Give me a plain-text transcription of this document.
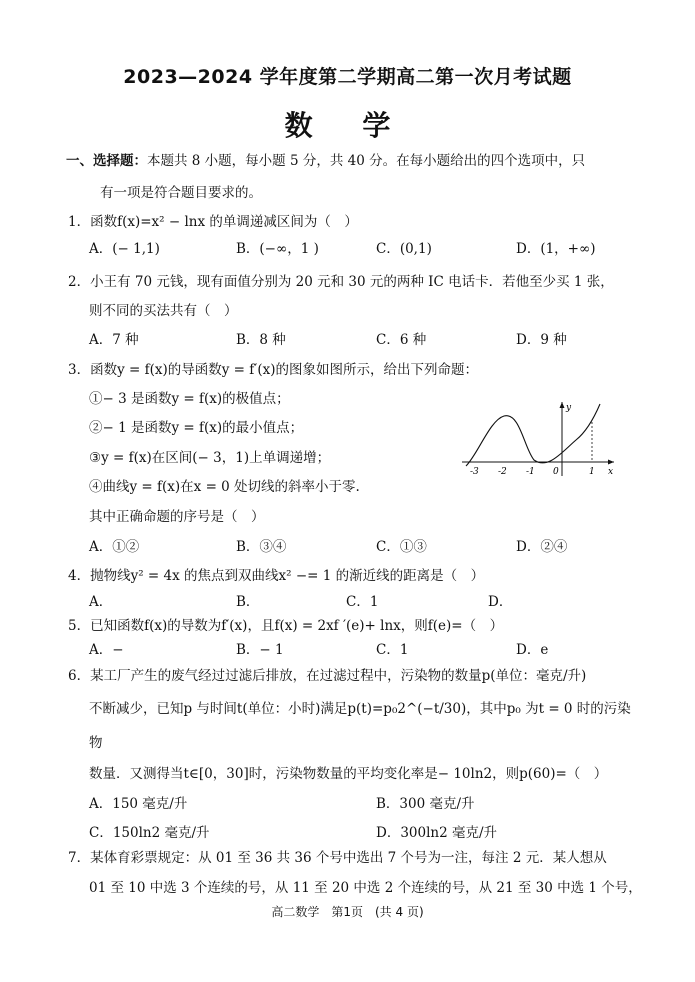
2023—2024 学年度第二学期高二第一次月考试题
数 学
一、选择题：本题共 8 小题，每小题 5 分，共 40 分。在每小题给出的四个选项中，只
有一项是符合题目要求的。
1．函数f(x)=x² − lnx 的单调递减区间为（　）
A．(− 1,1)	B．(−∞，1 )	C．(0,1)	D．(1，+∞)
2．小王有 70 元钱，现有面值分别为 20 元和 30 元的两种 IC 电话卡．若他至少买 1 张，
则不同的买法共有（　）
A．7 种	B．8 种	C．6 种	D．9 种
3．函数y = f(x)的导函数y = f′(x)的图象如图所示，给出下列命题：
①− 3 是函数y = f(x)的极值点；
②− 1 是函数y = f(x)的最小值点；
③y = f(x)在区间(− 3，1)上单调递增；
④曲线y = f(x)在x = 0 处切线的斜率小于零.
其中正确命题的序号是（　）
A．①②	B．③④	C．①③	D．②④
-3 -2 -1 0	1 x
y
4．抛物线y² = 4x 的焦点到双曲线x² −= 1 的渐近线的距离是（　）
A．	B．	C．1	D．
5．已知函数f(x)的导数为f′(x)，且f(x) = 2xf ′(e)+ lnx，则f(e)=（　）
A．−	B．− 1	C．1	D．e
6．某工厂产生的废气经过过滤后排放，在过滤过程中，污染物的数量p(单位：毫克/升)
不断减少，已知p 与时间t(单位：小时)满足p(t)=p₀2^(−t/30)，其中p₀ 为t = 0 时的污染
物
数量．又测得当t∈[0，30]时，污染物数量的平均变化率是− 10ln2，则p(60)=（　）
A．150 毫克/升	B．300 毫克/升
C．150ln2 毫克/升	D．300ln2 毫克/升
7．某体育彩票规定：从 01 至 36 共 36 个号中选出 7 个号为一注，每注 2 元．某人想从
01 至 10 中选 3 个连续的号，从 11 至 20 中选 2 个连续的号，从 21 至 30 中选 1 个号，
高二数学　第1页　(共 4 页)
